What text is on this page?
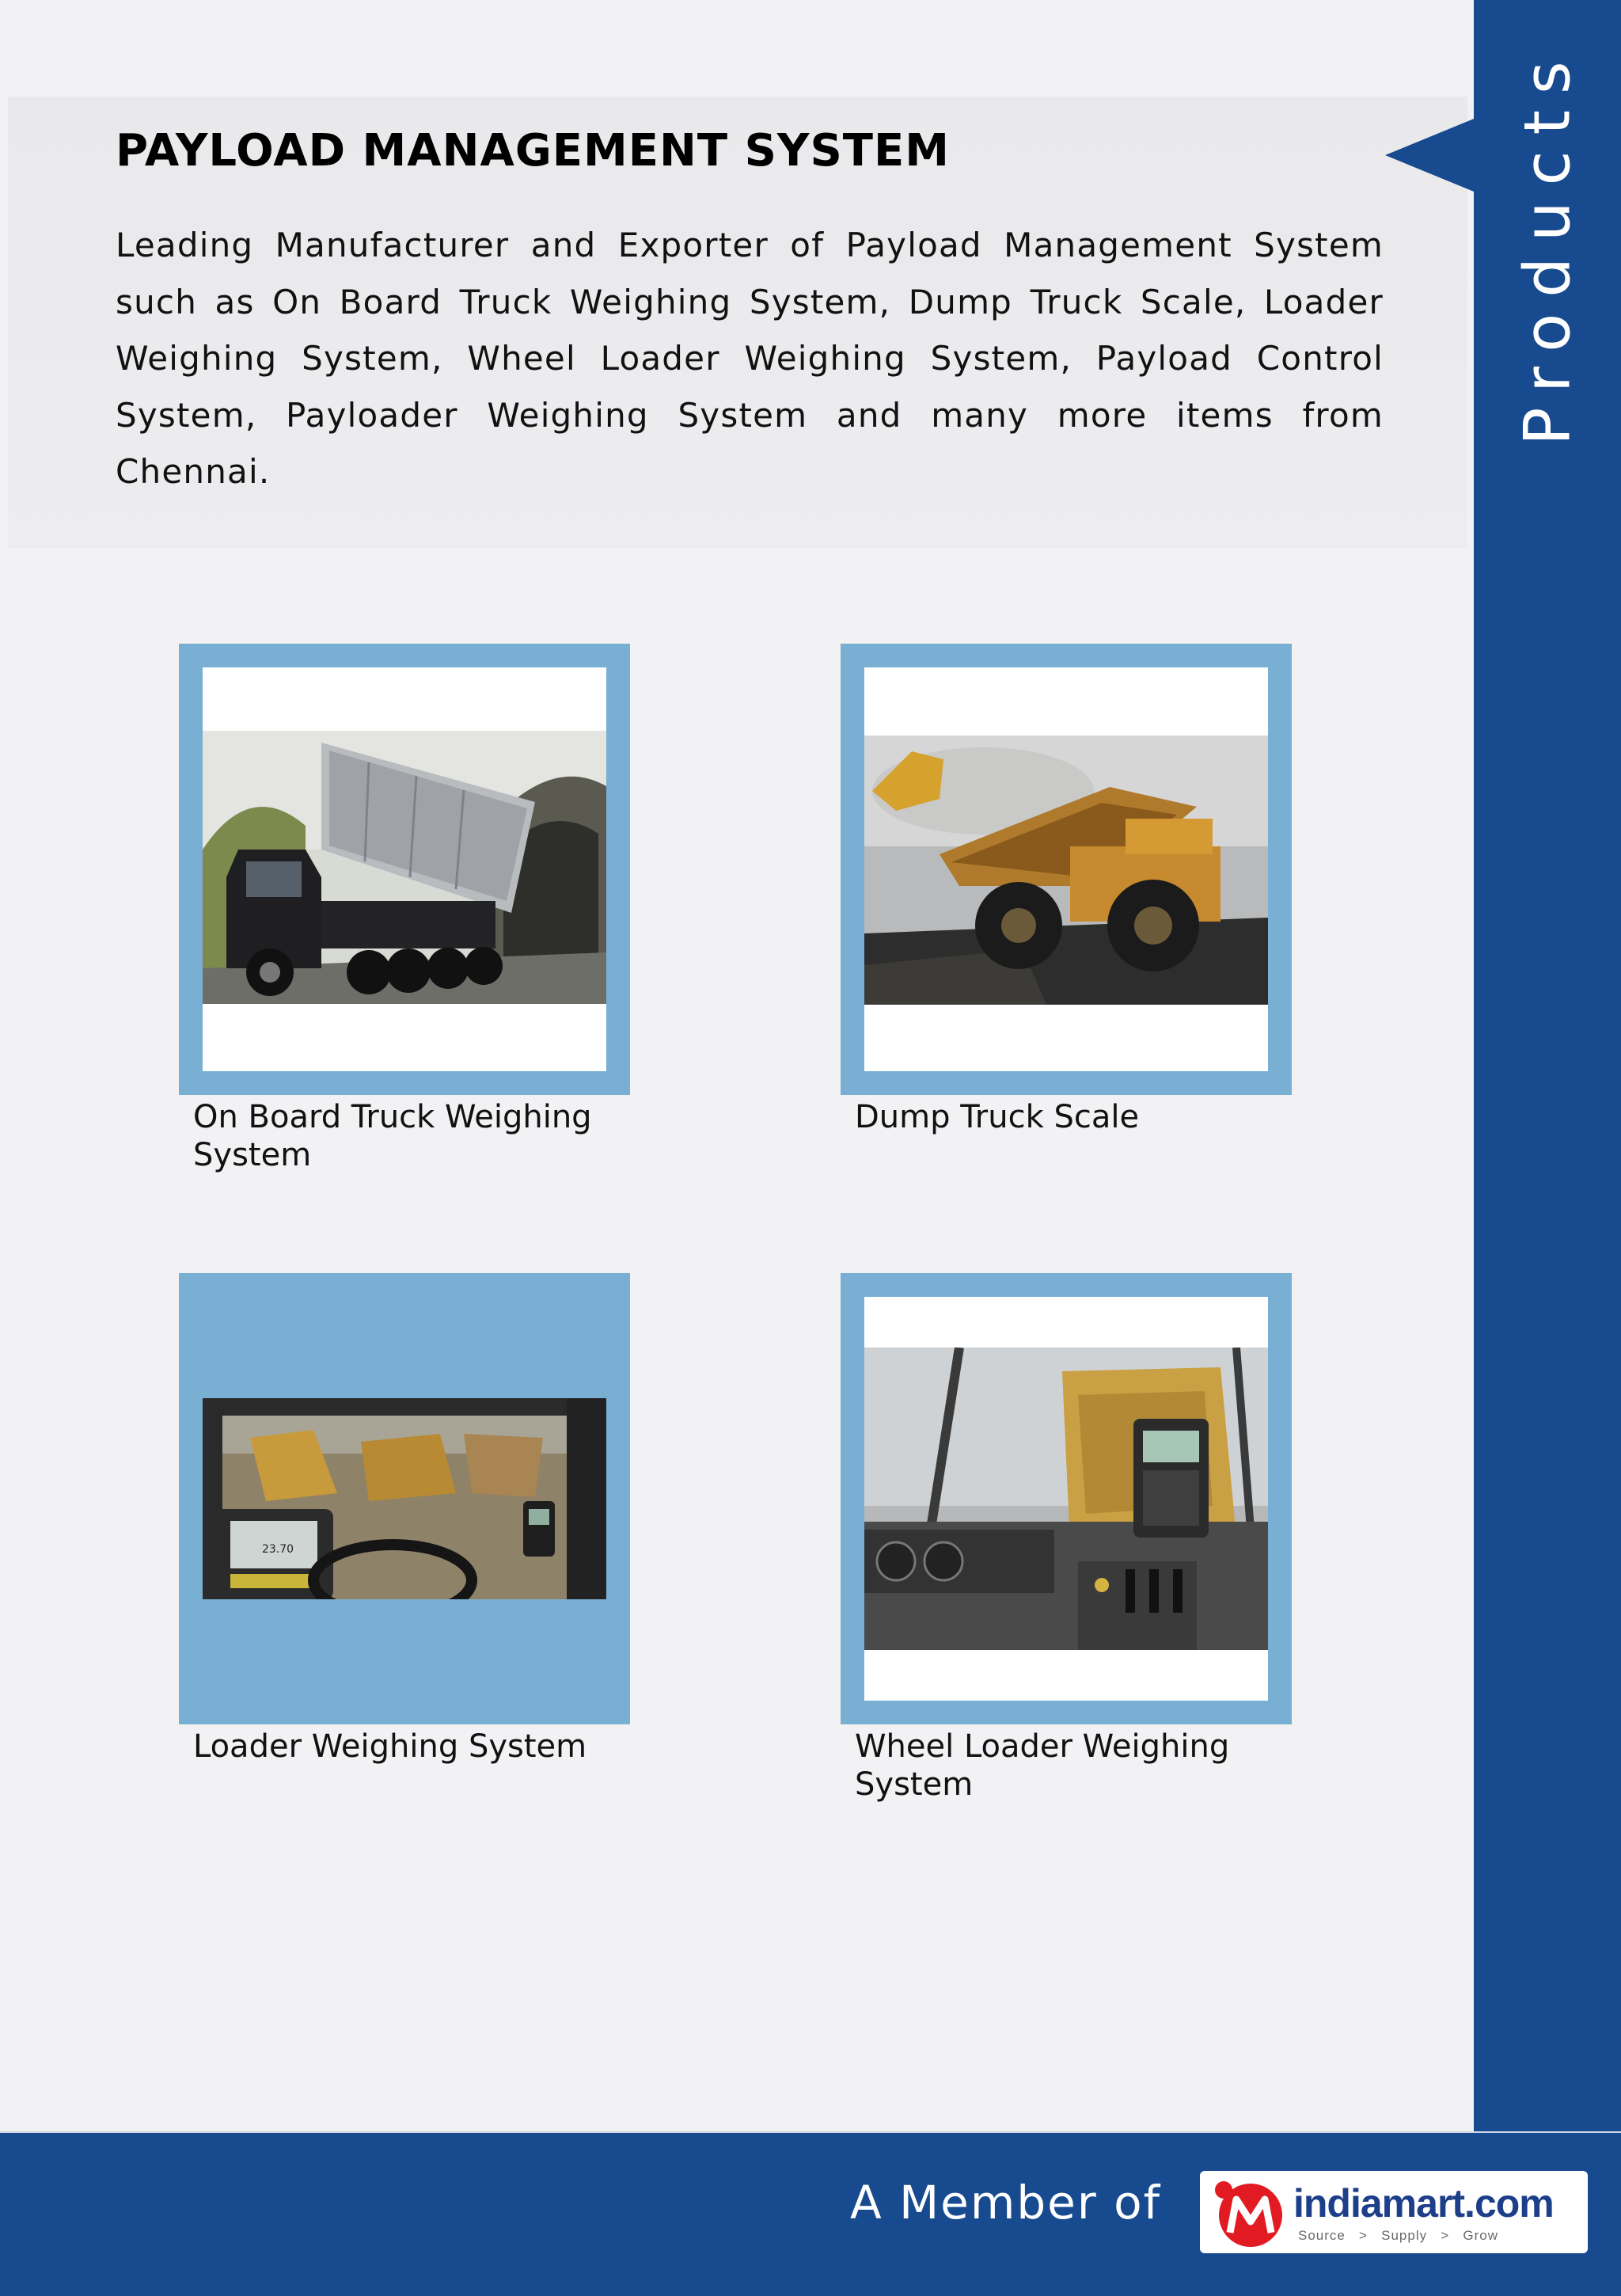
PAYLOAD MANAGEMENT SYSTEM

Leading Manufacturer and Exporter of Payload Management System such as On Board Truck Weighing System, Dump Truck Scale, Loader Weighing System, Wheel Loader Weighing System, Payload Control System, Payloader Weighing System and many more items from Chennai.

Products

On Board Truck Weighing System

Dump Truck Scale

23.70

Loader Weighing System	Wheel Loader Weighing System

A Member of	indiamart.com

Source   >   Supply   >   Grow
